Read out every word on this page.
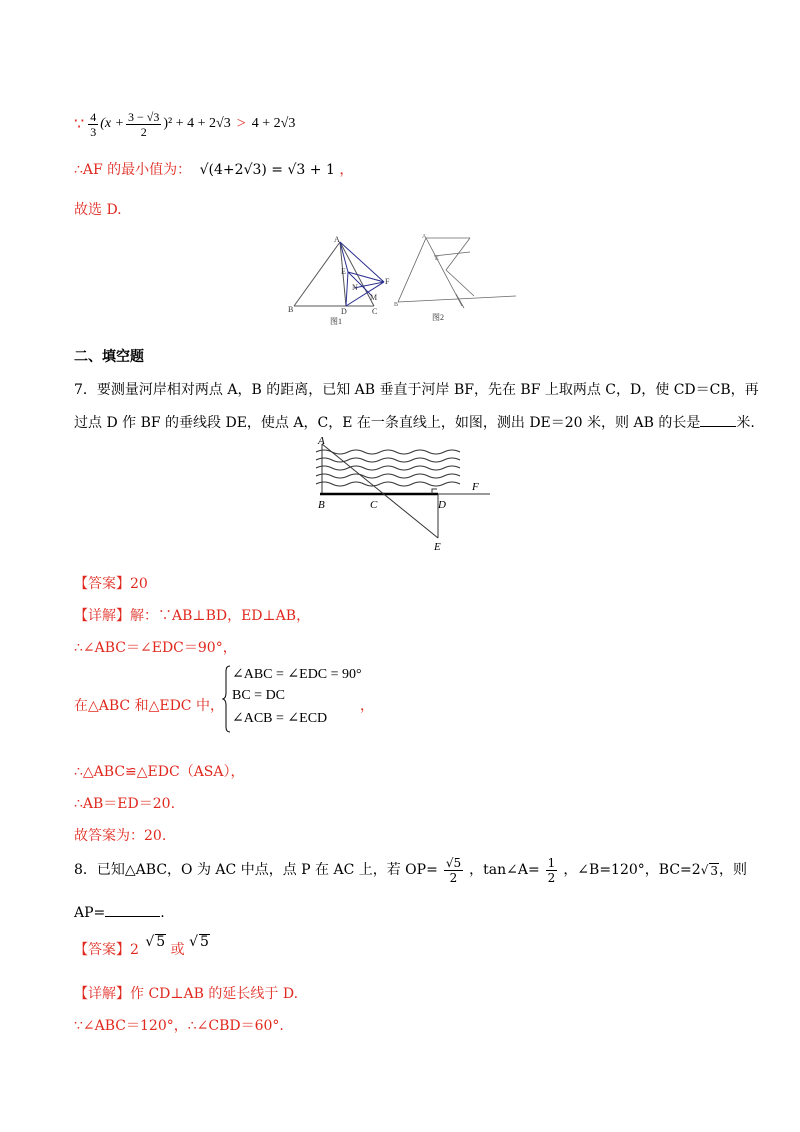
∵ $\frac{4}{3} (x + \frac{3 - √3}{2} )^2 + 4 + 2√3 > 4 + 2√3$
∴AF 的最小值为： √(4+2√3) = √3 + 1 ，
故选 D.
A
E
F
N
M
B	D	C
图1
A
E
B
图2
二、填空题
7．要测量河岸相对两点 A，B 的距离，已知 AB 垂直于河岸 BF，先在 BF 上取两点 C，D，使 CD＝CB，再
过点 D 作 BF 的垂线段 DE，使点 A，C，E 在一条直线上，如图，测出 DE＝20 米，则 AB 的长是	米.
A
B	C	D
F
E
【答案】20
【详解】解：∵AB⊥BD，ED⊥AB，
∴∠ABC＝∠EDC＝90°，
在△ABC 和△EDC 中，
∠ABC = ∠EDC = 90°
BC = DC
∠ACB = ∠ECD
，
∴△ABC≌△EDC（ASA），
∴AB＝ED＝20.
故答案为：20.
8．已知△ABC，O 为 AC 中点，点 P 在 AC 上，若 $OP= \frac{√5}{2}$ ，tan∠A= $\frac{1}{2}$ ，∠B=120°，BC=2 √ 3 ，则
AP=	.
【答案】2 √ 5 或 √ 5
【详解】作 CD⊥AB 的延长线于 D.
∵∠ABC＝120°，∴∠CBD＝60°.
